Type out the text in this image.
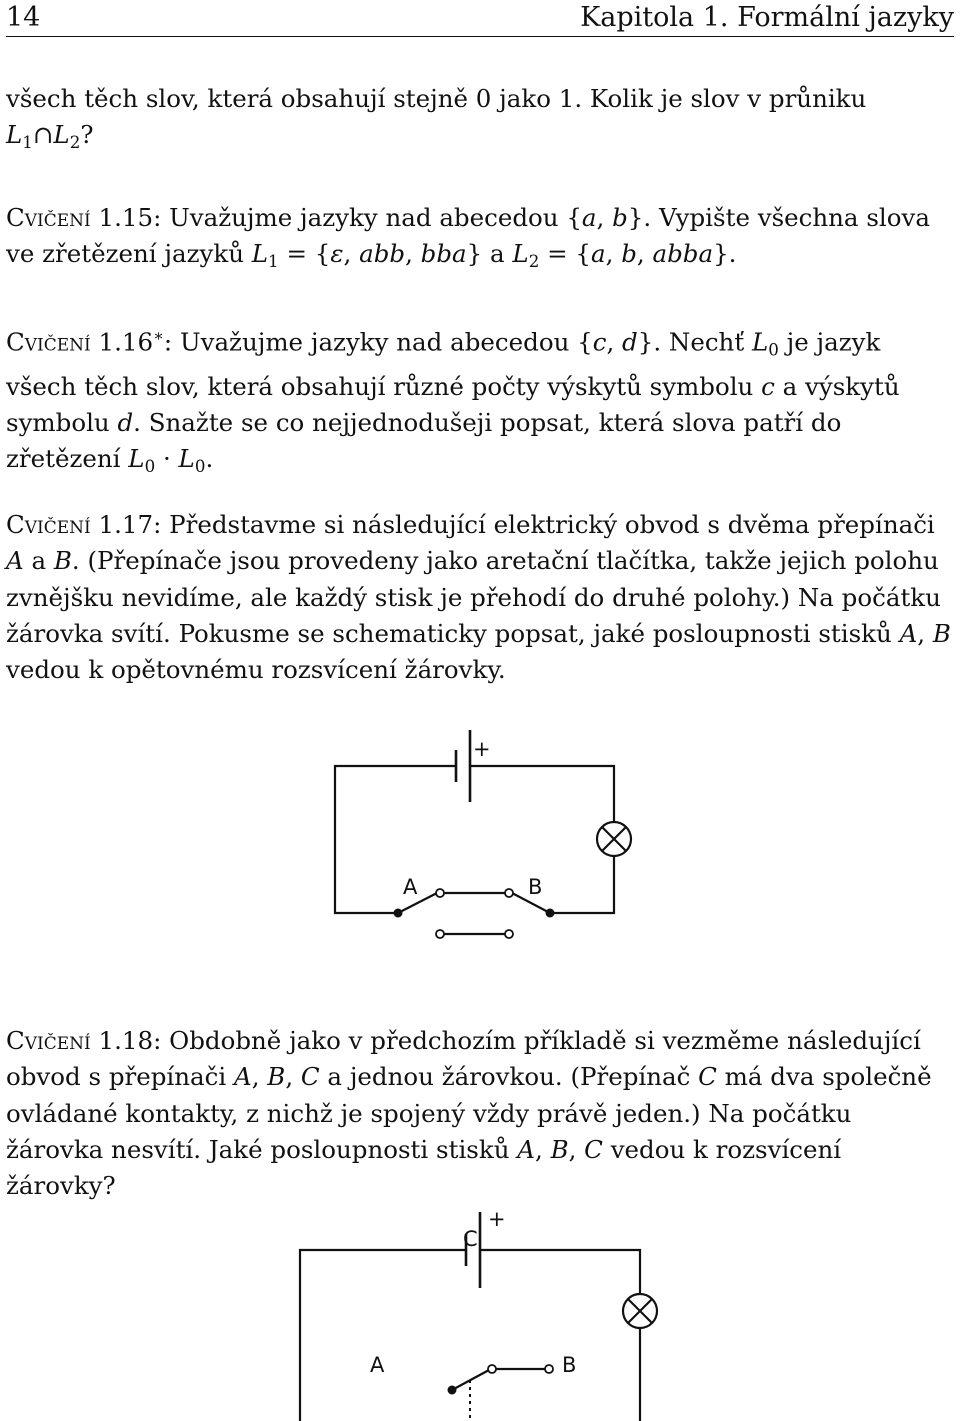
14	Kapitola 1. Formální jazyky
všech těch slov, která obsahují stejně 0 jako 1. Kolik je slov v průniku $L_1\cap L_2$?
Cvičení 1.15: Uvažujme jazyky nad abecedou {a, b}. Vypište všechna slova ve zřetězení jazyků $L_1 = \{\varepsilon$, abb, bba} a $L_2 = \{a$, b, abba}.
Cvičení 1.16∗: Uvažujme jazyky nad abecedou {c, d}. Nechť $L_0$ je jazyk všech těch slov, která obsahují různé počty výskytů symbolu c a výskytů symbolu d. Snažte se co nejjednodušeji popsat, která slova patří do zřetězení $L_0 \cdot L_0$.
Cvičení 1.17: Představme si následující elektrický obvod s dvěma přepínači A a B. (Přepínače jsou provedeny jako aretační tlačítka, takže jejich polohu zvnějšku nevidíme, ale každý stisk je přehodí do druhé polohy.) Na počátku žárovka svítí. Pokusme se schematicky popsat, jaké posloupnosti stisků A, B vedou k opětovnému rozsvícení žárovky.
+
A	B
Cvičení 1.18: Obdobně jako v předchozím příkladě si vezměme následující obvod s přepínači A, B, C a jednou žárovkou. (Přepínač C má dva společně ovládané kontakty, z nichž je spojený vždy právě jeden.) Na počátku žárovka nesvítí. Jaké posloupnosti stisků A, B, C vedou k rozsvícení žárovky?
+
C
A	B
